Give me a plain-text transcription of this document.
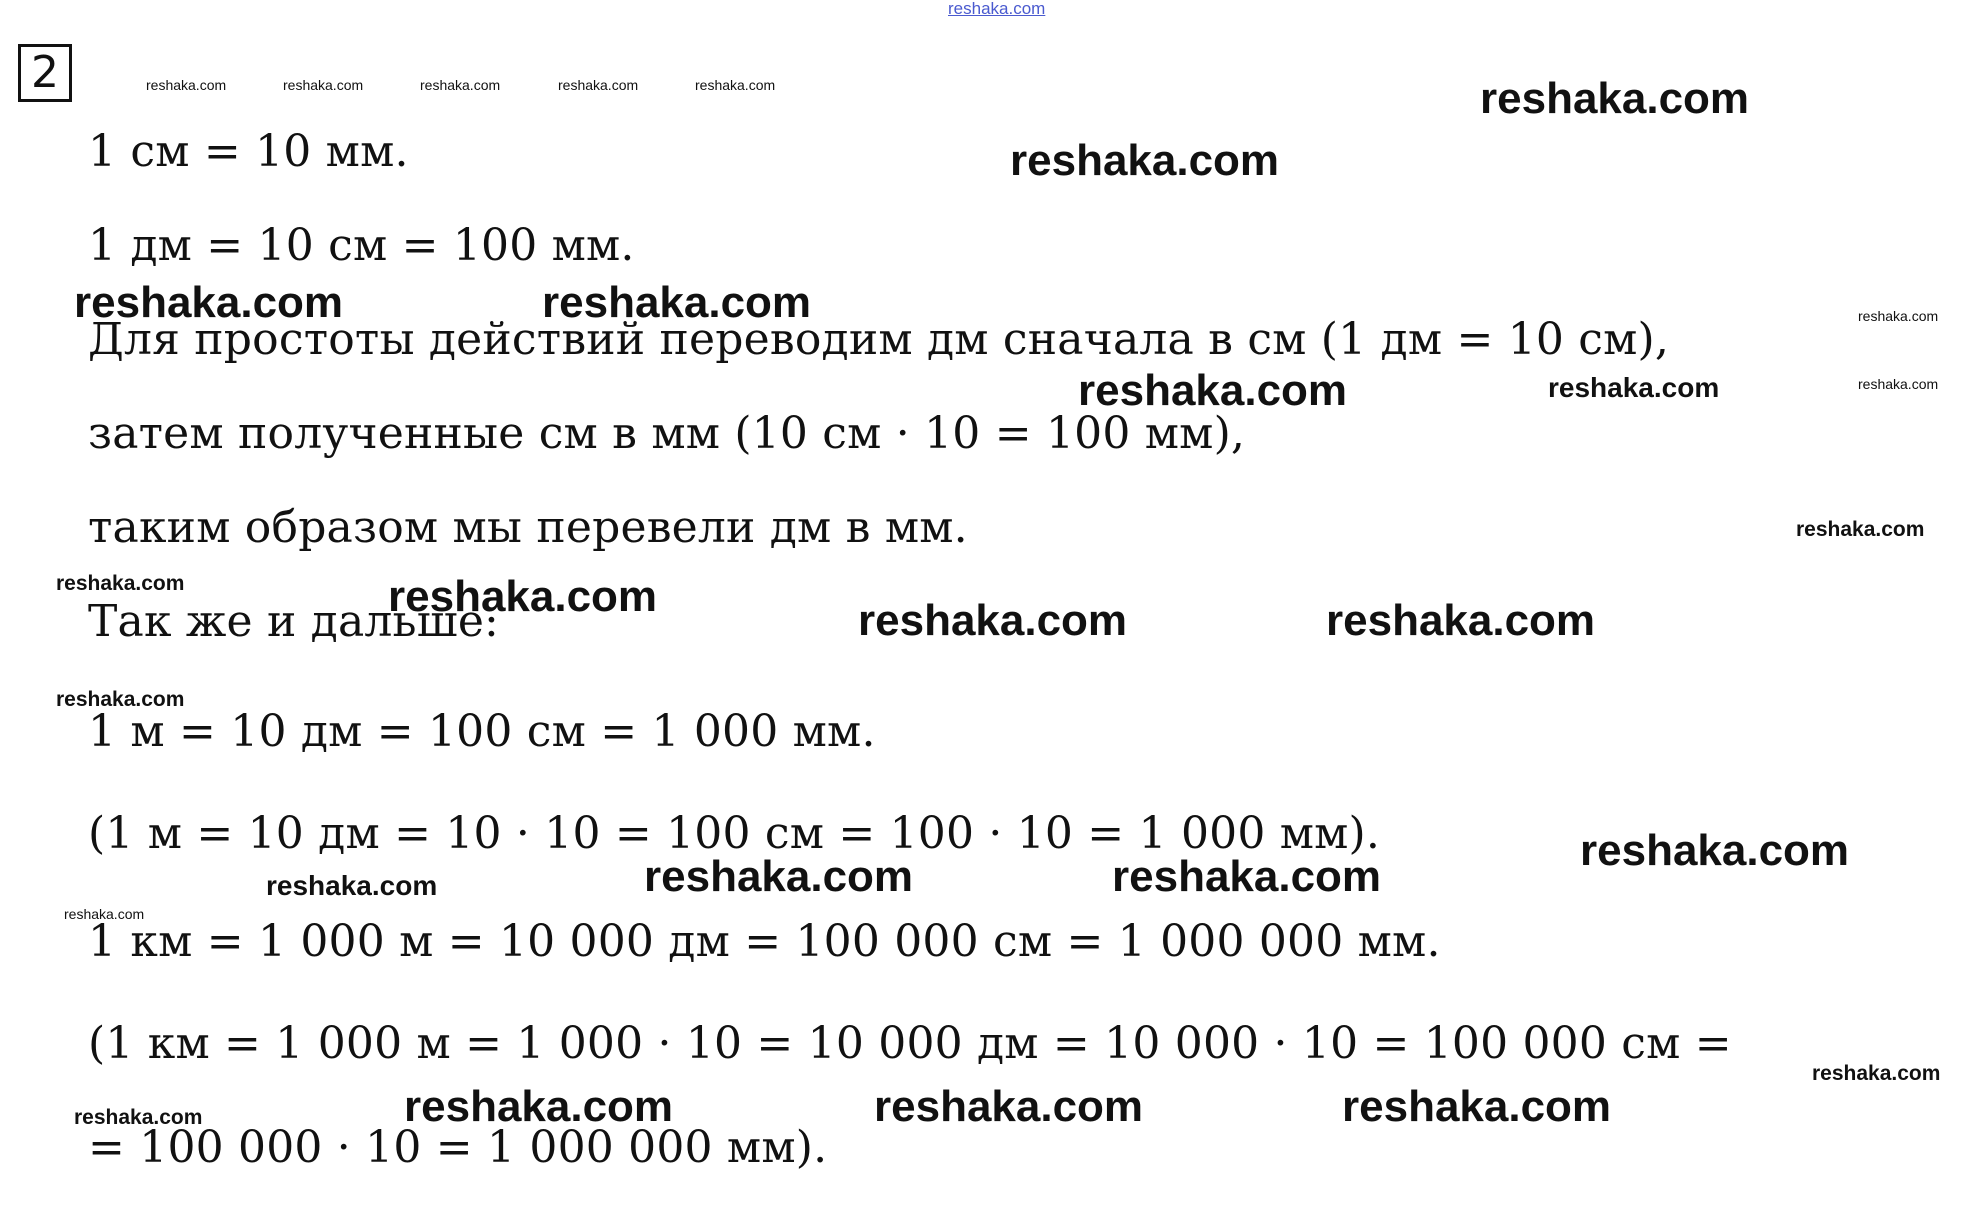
reshaka.com
2
1 см = 10 мм.
1 дм = 10 см = 100 мм.
Для простоты действий переводим дм сначала в см (1 дм = 10 см),
затем полученные см в мм (10 см · 10 = 100 мм),
таким образом мы перевели дм в мм.
Так же и дальше:
1 м = 10 дм = 100 см = 1 000 мм.
(1 м = 10 дм = 10 · 10 = 100 см = 100 · 10 = 1 000 мм).
1 км = 1 000 м = 10 000 дм = 100 000 см = 1 000 000 мм.
(1 км = 1 000 м = 1 000 · 10 = 10 000 дм = 10 000 · 10 = 100 000 см =
= 100 000 · 10 = 1 000 000 мм).
reshaka.com	reshaka.com	reshaka.com	reshaka.com	reshaka.com	reshaka.com
reshaka.com
reshaka.com	reshaka.com
reshaka.com
reshaka.com	reshaka.com	reshaka.com
reshaka.com
reshaka.com	reshaka.com
reshaka.com	reshaka.com	reshaka.com
reshaka.com
reshaka.com
reshaka.com
reshaka.com
reshaka.com
reshaka.com
reshaka.com
reshaka.com
reshaka.com
reshaka.com
